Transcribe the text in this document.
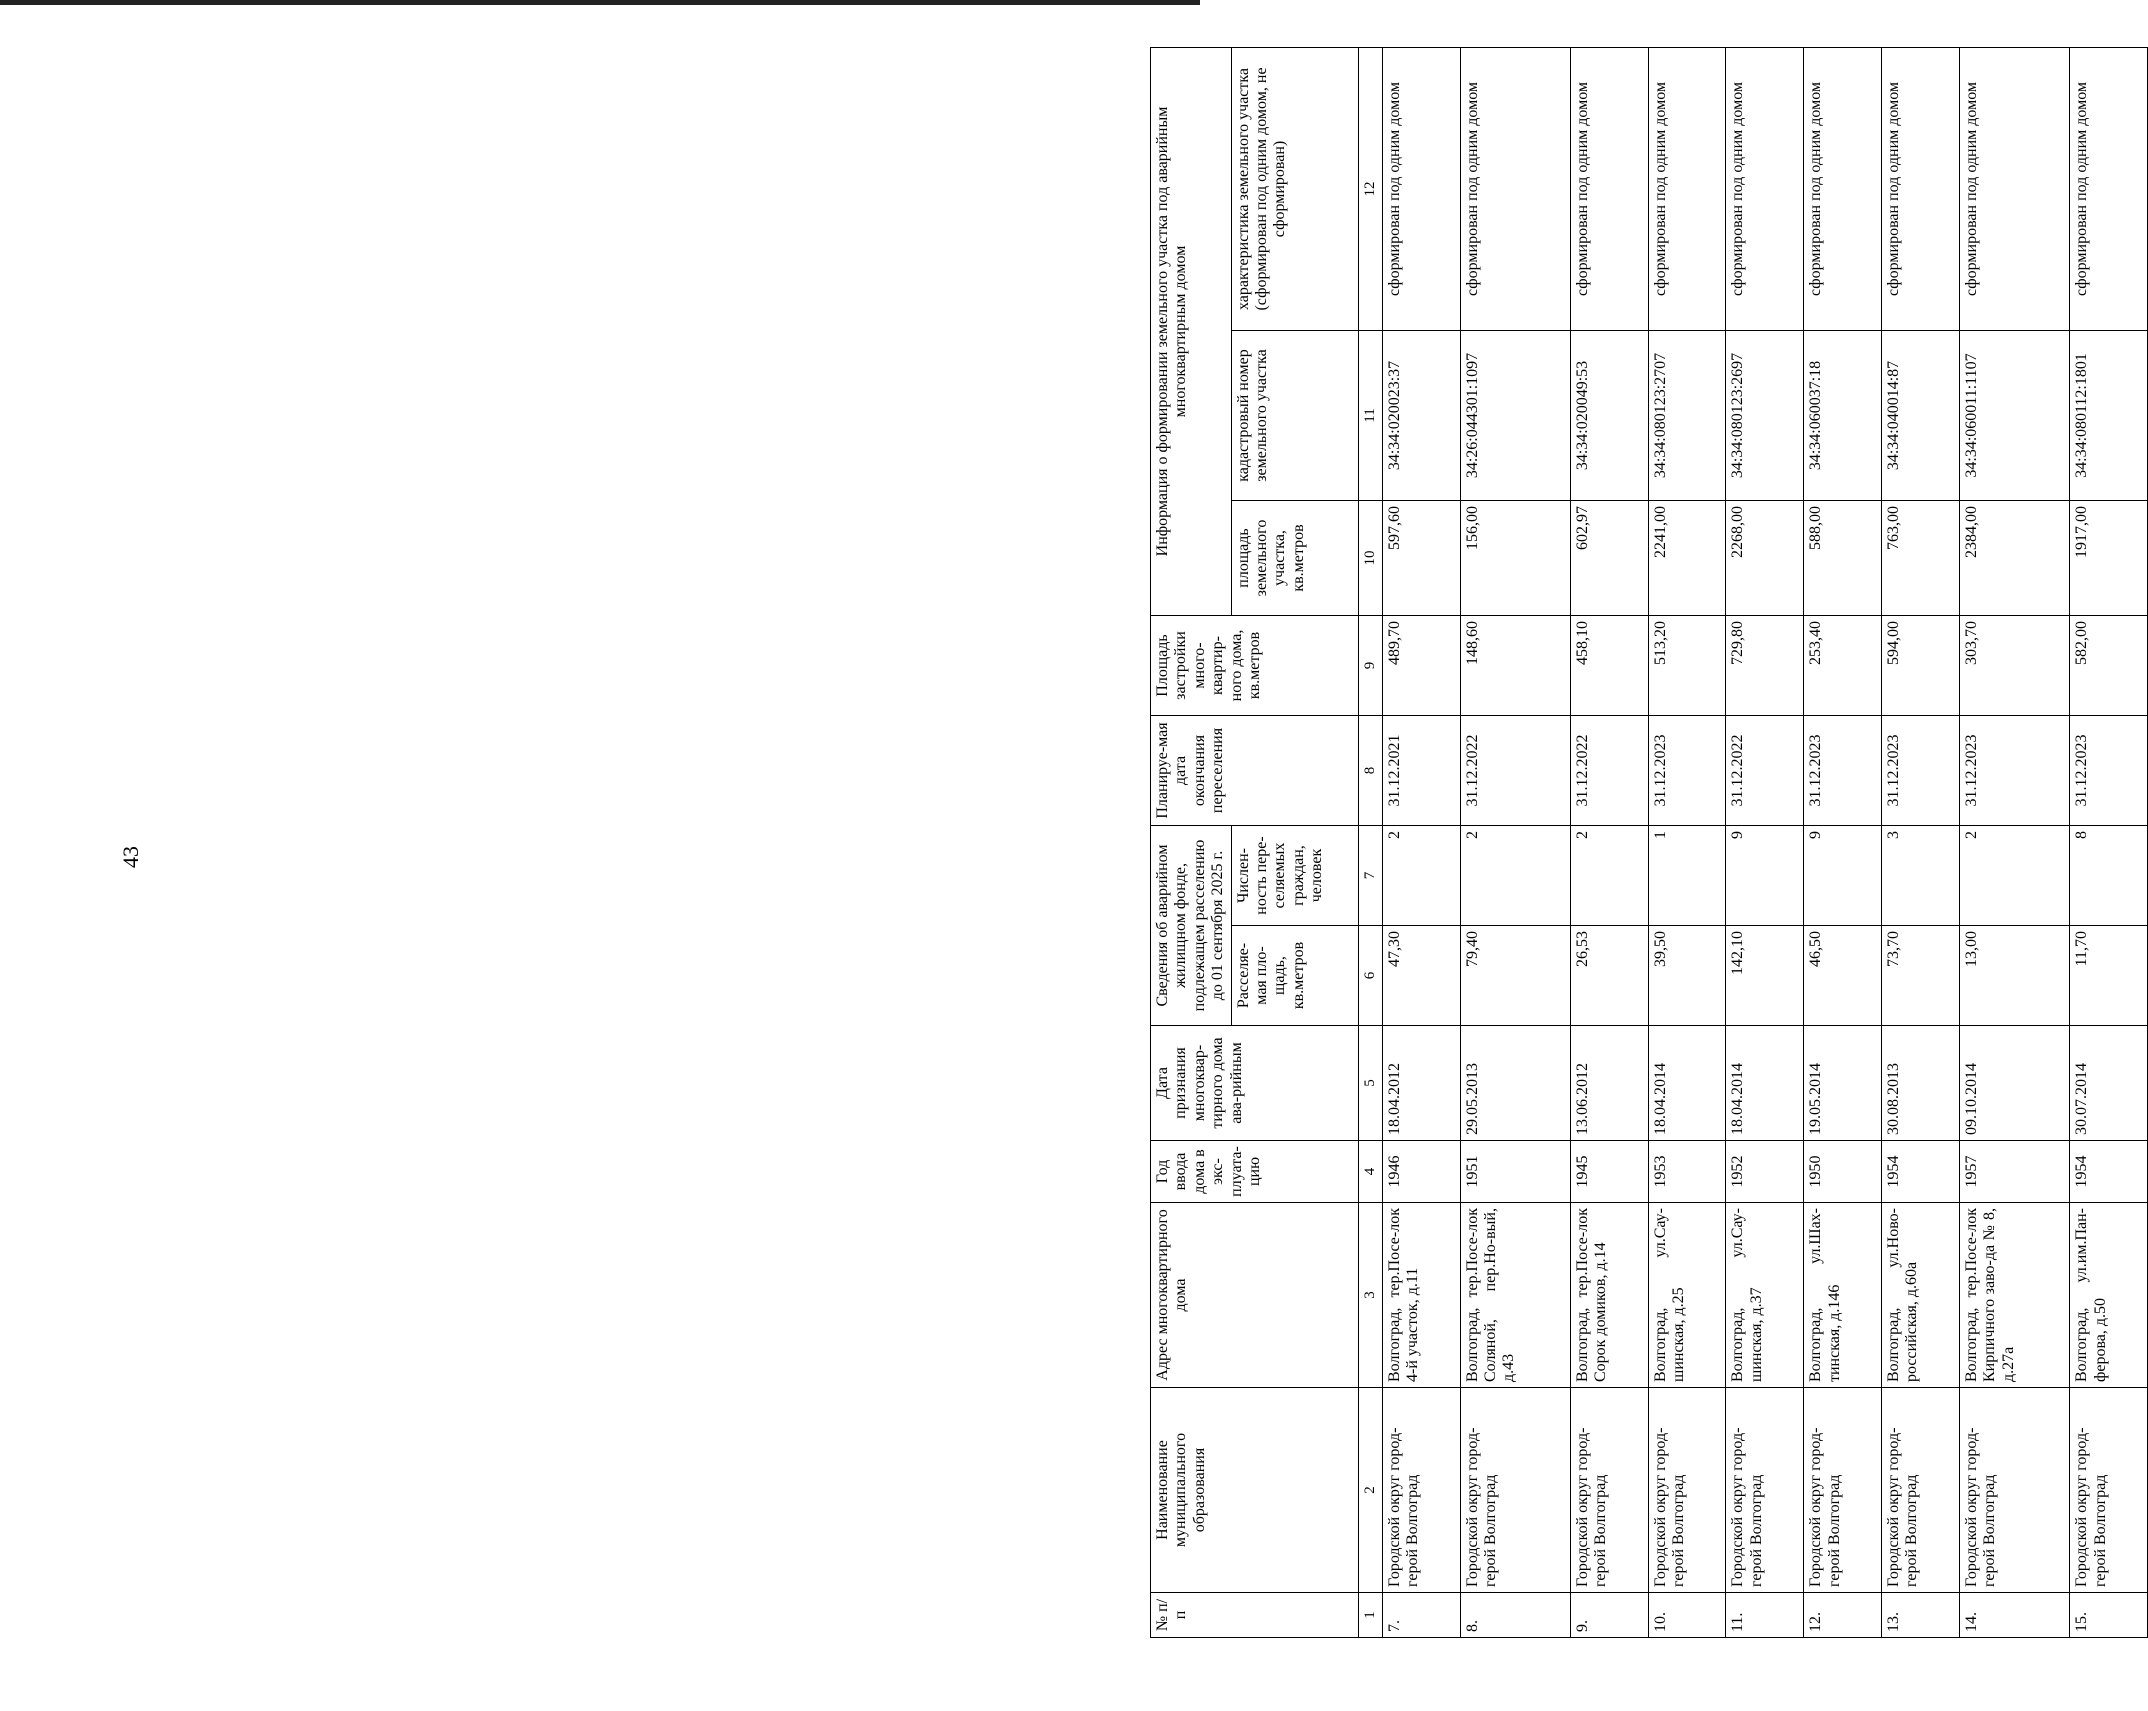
43
№ п/п	Наименование муниципального образования	Адрес многоквартирного дома	Год ввода дома в экс-плуата-цию	Дата признания многоквар-тирного дома ава-рийным	Сведения об аварийном жилищном фонде, подлежащем расселению до 01 сентября 2025 г.		Планируе-мая дата окончания переселения	Площадь застройки много-квартир-ного дома, кв.метров	Информация о формировании земельного участка под аварийным многоквартирным домом		
					Расселяе-мая пло-щадь, кв.метров	Числен-ность пере-селяемых граждан, человек			площадь земельного участка, кв.метров	кадастровый номер земельного участка	характеристика земельного участка (сформирован под одним домом, не сформирован)
1	2	3	4	5	6	7	8	9	10	11	12
7.	Городской округ город-герой Волгоград	Волгоград, тер.Посе-лок 4-й участок, д.11	1946	18.04.2012	47,30	2	31.12.2021	489,70	597,60	34:34:020023:37	сформирован под одним домом
8.	Городской округ город-герой Волгоград	Волгоград, тер.Посе-лок Соляной, пер.Но-вый, д.43	1951	29.05.2013	79,40	2	31.12.2022	148,60	156,00	34:26:044301:1097	сформирован под одним домом
9.	Городской округ город-герой Волгоград	Волгоград, тер.Посе-лок Сорок домиков, д.14	1945	13.06.2012	26,53	2	31.12.2022	458,10	602,97	34:34:020049:53	сформирован под одним домом
10.	Городской округ город-герой Волгоград	Волгоград, ул.Сау-шинская, д.25	1953	18.04.2014	39,50	1	31.12.2023	513,20	2241,00	34:34:080123:2707	сформирован под одним домом
11.	Городской округ город-герой Волгоград	Волгоград, ул.Сау-шинская, д.37	1952	18.04.2014	142,10	9	31.12.2022	729,80	2268,00	34:34:080123:2697	сформирован под одним домом
12.	Городской округ город-герой Волгоград	Волгоград, ул.Шах-тинская, д.146	1950	19.05.2014	46,50	9	31.12.2023	253,40	588,00	34:34:060037:18	сформирован под одним домом
13.	Городской округ город-герой Волгоград	Волгоград, ул.Ново-российская, д.60а	1954	30.08.2013	73,70	3	31.12.2023	594,00	763,00	34:34:040014:87	сформирован под одним домом
14.	Городской округ город-герой Волгоград	Волгоград, тер.Посе-лок Кирпичного заво-да № 8, д.27а	1957	09.10.2014	13,00	2	31.12.2023	303,70	2384,00	34:34:060011:1107	сформирован под одним домом
15.	Городской округ город-герой Волгоград	Волгоград, ул.им.Пан-ферова, д.50	1954	30.07.2014	11,70	8	31.12.2023	582,00	1917,00	34:34:080112:1801	сформирован под одним домом
